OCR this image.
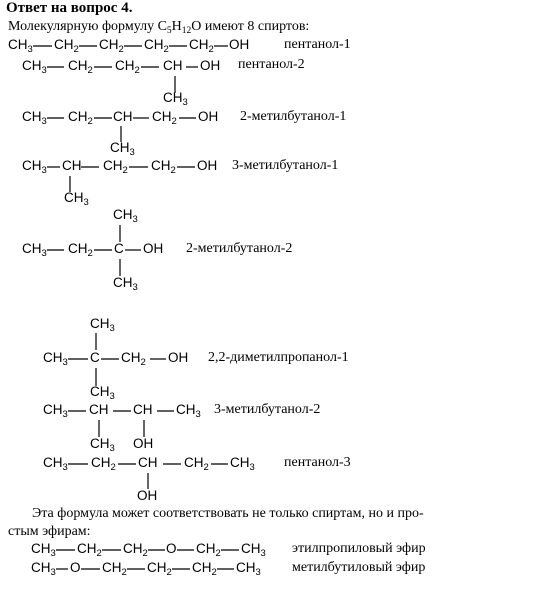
Ответ на вопрос 4.
Молекулярную формулу $C_5H_{12}O$ имеют 8 спиртов:
$CH_3$ $CH_2$ $CH_2$ $CH_2$ $CH_2$ OH пентанол-1
$CH_3$ $CH_2$ $CH_2$ CH OH
$CH_3$
пентанол-2
$CH_3$ $CH_2$ CH $CH_2$ OH
$CH_3$
2-метилбутанол-1
$CH_3$ CH $CH_2$ $CH_2$ OH
$CH_3$
3-метилбутанол-1
$CH_3$
$CH_3$ $CH_2$ C OH
$CH_3$
2-метилбутанол-2
$CH_3$
$CH_3$ C $CH_2$ OH
$CH_3$
2,2-диметилпропанол-1
$CH_3$ CH CH $CH_3$
$CH_3$ OH
3-метилбутанол-2
$CH_3$ $CH_2$ CH $CH_2$ $CH_3$
OH
пентанол-3
Эта формула может соответствовать не только спиртам, но и про-
стым эфирам:
$CH_3$ $CH_2$ $CH_2$ O $CH_2$ $CH_3$ этилпропиловый эфир
$CH_3$ O $CH_2$ $CH_2$ $CH_2$ $CH_3$ метилбутиловый эфир
